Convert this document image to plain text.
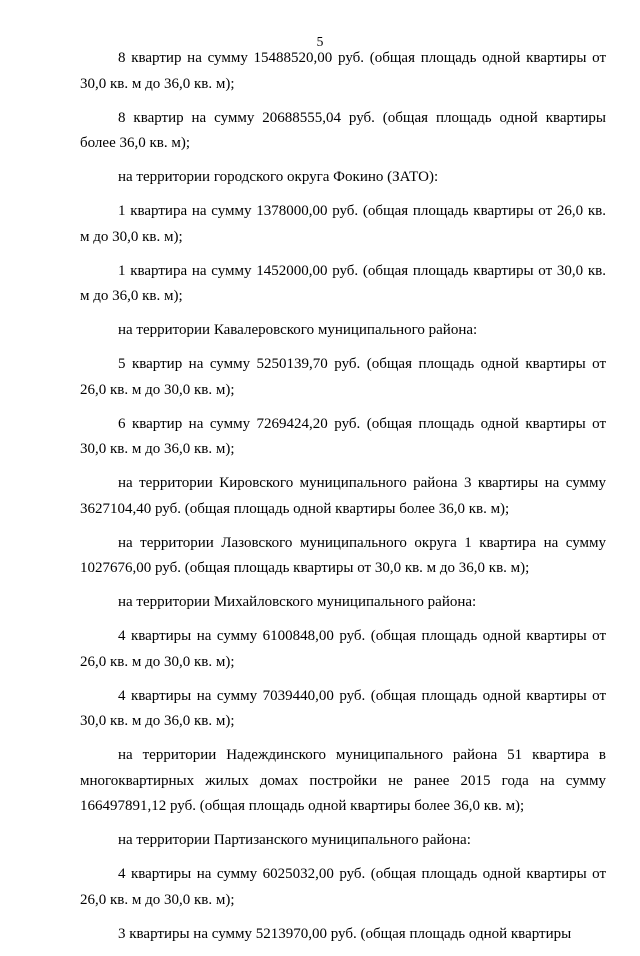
5

8 квартир на сумму 15488520,00 руб. (общая площадь одной квартиры от 30,0 кв. м до 36,0 кв. м);

8 квартир на сумму 20688555,04 руб. (общая площадь одной квартиры более 36,0 кв. м);

на территории городского округа Фокино (ЗАТО):

1 квартира на сумму 1378000,00 руб. (общая площадь квартиры от 26,0 кв. м до 30,0 кв. м);

1 квартира на сумму 1452000,00 руб. (общая площадь квартиры от 30,0 кв. м до 36,0 кв. м);

на территории Кавалеровского муниципального района:

5 квартир на сумму 5250139,70 руб. (общая площадь одной квартиры от 26,0 кв. м до 30,0 кв. м);

6 квартир на сумму 7269424,20 руб. (общая площадь одной квартиры от 30,0 кв. м до 36,0 кв. м);

на территории Кировского муниципального района 3 квартиры на сумму 3627104,40 руб. (общая площадь одной квартиры более 36,0 кв. м);

на территории Лазовского муниципального округа 1 квартира на сумму 1027676,00 руб. (общая площадь квартиры от 30,0 кв. м до 36,0 кв. м);

на территории Михайловского муниципального района:

4 квартиры на сумму 6100848,00 руб. (общая площадь одной квартиры от 26,0 кв. м до 30,0 кв. м);

4 квартиры на сумму 7039440,00 руб. (общая площадь одной квартиры от 30,0 кв. м до 36,0 кв. м);

на территории Надеждинского муниципального района 51 квартира в многоквартирных жилых домах постройки не ранее 2015 года на сумму 166497891,12 руб. (общая площадь одной квартиры более 36,0 кв. м);

на территории Партизанского муниципального района:

4 квартиры на сумму 6025032,00 руб. (общая площадь одной квартиры от 26,0 кв. м до 30,0 кв. м);

3 квартиры на сумму 5213970,00 руб. (общая площадь одной квартиры
